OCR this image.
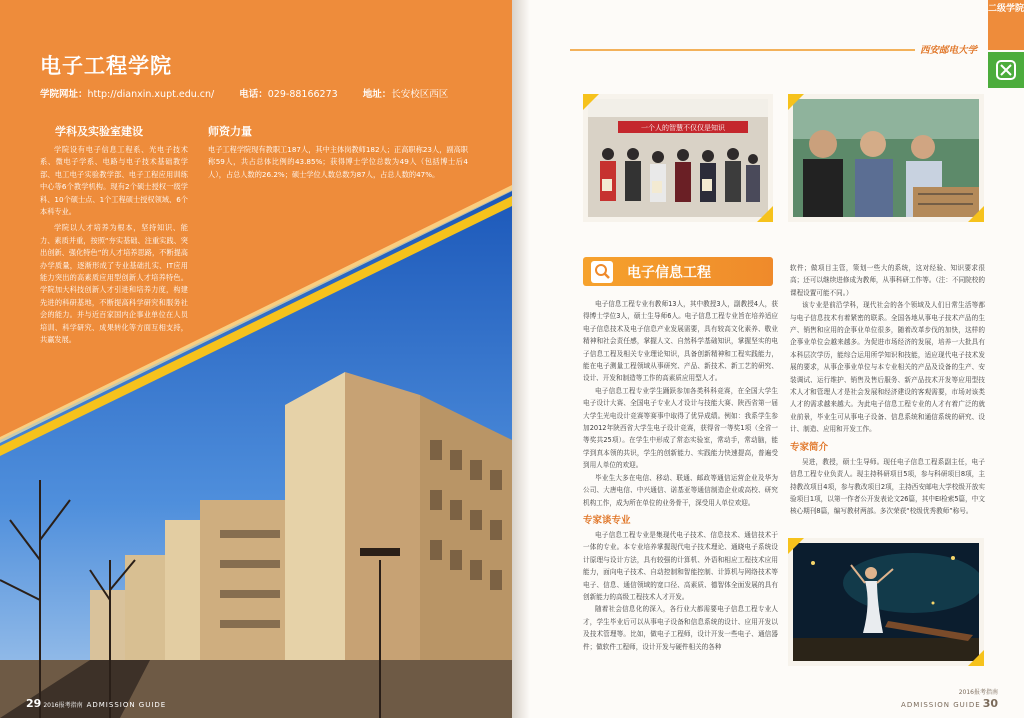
电子工程学院
学院网址：http://dianxin.xupt.edu.cn/	电话：029-88166273	地址：长安校区西区
学科及实验室建设

学院设有电子信息工程系、光电子技术系、微电子学系、电路与电子技术基础教学部、电工电子实验教学部、电子工程应用训练中心等6个教学机构。现有2个硕士授权一级学科、10个硕士点、1个工程硕士授权领域、6个本科专业。

学院以人才培养为根本，坚持知识、能力、素质并重，按照“夯实基础、注重实践、突出创新、强化特色”的人才培养思路，不断提高办学质量，逐渐形成了专业基础扎实、IT应用能力突出的高素质应用型创新人才培养特色。学院加大科技创新人才引进和培养力度，构建先进的科研基地，不断提高科学研究和服务社会的能力。并与近百家国内企事业单位在人员培训、科学研究、成果转化等方面互相支持，共赢发展。

师资力量

电子工程学院现有教职工187人，其中主体岗教师182人；正高职称23人，副高职称59人，共占总体比例的43.85%；获得博士学位总数为49人（包括博士后4人），占总人数的26.2%；硕士学位人数总数为87人，占总人数的47%。

29 2016报考指南 ADMISSION GUIDE
二级学院
西安邮电大学
一个人的智慧不仅仅是知识
电子信息工程

电子信息工程专业有教师13人，其中教授3人，副教授4人，获得博士学位3人，硕士生导师6人。电子信息工程专业旨在培养适应电子信息技术及电子信息产业发展需要，具有较高文化素养、敬业精神和社会责任感，掌握人文、自然科学基础知识，掌握坚实的电子信息工程及相关专业理论知识，具备创新精神和工程实践能力，能在电子测量工程领域从事研究、产品、新技术、新工艺的研究、设计、开发和制造等工作的高素质应用型人才。

电子信息工程专业学生踊跃参加各类科科竞赛，在全国大学生电子设计大赛、全国电子专业人才设计与技能大赛、陕西省第一届大学生光电设计竞赛等赛事中取得了优异成绩。例如：我系学生参加2012年陕西省大学生电子设计竞赛，获得省一等奖1项（全省一等奖共25项）。在学生中形成了常态实验室，常动手，常动脑，能学到真本领的共识，学生的创新能力、实践能力快速提高，普遍受到用人单位的欢迎。

毕业生大多在电信、移动、联通、邮政等通信运营企业及华为公司、大唐电信、中兴通信、诺基亚等通信制造企业或高校、研究机构工作，成为所在单位的业务骨干，深受用人单位欢迎。

专家谈专业

电子信息工程专业是集现代电子技术、信息技术、通信技术于一体的专业。本专业培养掌握现代电子技术理论、通晓电子系统设计原理与设计方法，具有较强的计算机、外语和相应工程技术应用能力，面向电子技术、自动控制和智能控制、计算机与网络技术等电子、信息、通信领域的宽口径、高素质、德智体全面发展的具有创新能力的高级工程技术人才开发。

随着社会信息化的深入，各行业大都需要电子信息工程专业人才，学生毕业后可以从事电子设备和信息系统的设计、应用开发以及技术管理等。比如，做电子工程师，设计开发一些电子、通信器件；做软件工程师，设计开发与硬件相关的各种

软件；做项目主管，策划一些大的系统，这对经验、知识要求很高；还可以继续进修成为教师，从事科研工作等。（注：不同院校的课程设置可能不同。）

该专业是前沿学科，现代社会的各个领域及人们日常生活等都与电子信息技术有着紧密的联系。全国各地从事电子技术产品的生产、销售和应用的企事业单位很多，随着改革步伐的加快，这样的企事业单位会越来越多。为促进市场经济的发展，培养一大批具有本科层次学历，能综合运用所学知识和技能，适应现代电子技术发展的要求，从事企事业单位与本专业相关的产品及设备的生产、安装调试、运行维护、销售及售后服务、新产品技术开发等应用型技术人才和管理人才是社会发展和经济建设的客观需要，市场对该类人才的需求越来越大。为此电子信息工程专业的人才有着广泛的就业前景，毕业生可从事电子设备、信息系统和通信系统的研究、设计、制造、应用和开发工作。

专家简介

吴进，教授，硕士生导师。现任电子信息工程系副主任，电子信息工程专业负责人。现主持科研项目5项，参与科研项目8项，主持教改项目4项，参与教改项目2项，主持西安邮电大学校级开放实验项目1项，以第一作者公开发表论文26篇，其中EI检索5篇，中文核心期刊8篇，编写教材两部。多次荣获“校级优秀教师”称号。

2016报考指南
ADMISSION GUIDE 30
